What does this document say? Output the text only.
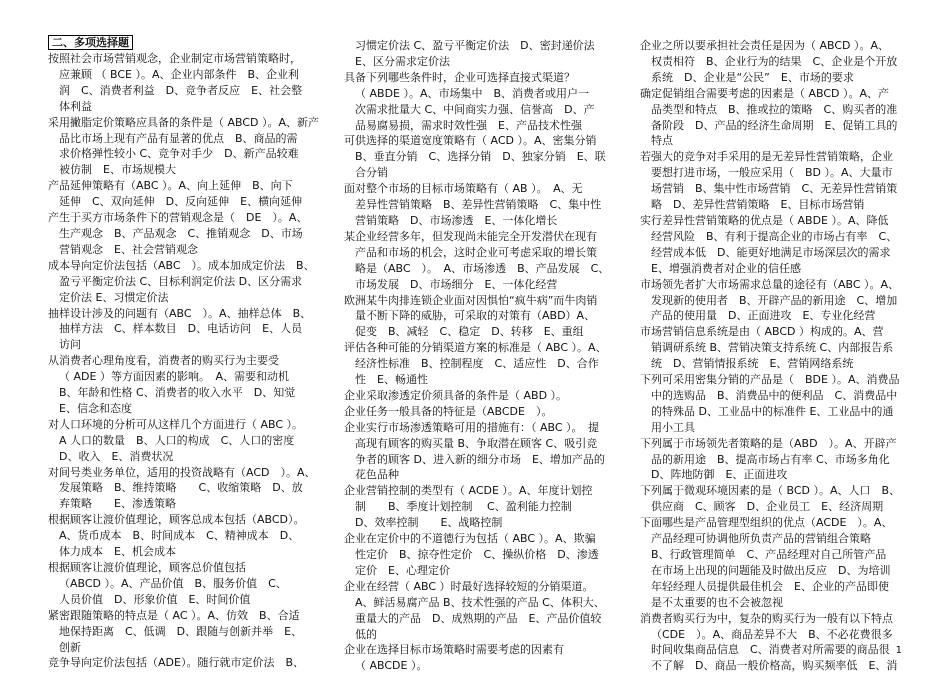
二、多项选择题
按照社会市场营销观念，企业制定市场营销策略时，
应兼顾 （ BCE ）。A、企业内部条件　B、企业利
润　C、消费者利益　D、竞争者反应　E、社会整
体利益
采用撇脂定价策略应具备的条件是（ ABCD ）。A、新产
品比市场上现有产品有显著的优点　B、商品的需
求价格弹性较小 C、竞争对手少　D、新产品较难
被仿制　E、市场规模大
产品延伸策略有（ABC ）。A、向上延伸　B、向下
延伸　C、双向延伸　D、反向延伸　E、横向延伸
产生于买方市场条件下的营销观念是（　DE　）。A、
生产观念　B、产品观念　C、推销观念　D、市场
营销观念　E、社会营销观念
成本导向定价法包括（ABC　）。成本加成定价法　B、
盈亏平衡定价法 C、目标利润定价法 D、区分需求
定价法 E、习惯定价法
抽样设计涉及的问题有（ABC　）。A、抽样总体　B、
抽样方法　C、样本数目　D、电话访问　E、人员
访问
从消费者心理角度看，消费者的购买行为主要受
（ ADE ）等方面因素的影响。　A、需要和动机
B、年龄和性格 C、消费者的收入水平　D、知觉
E、信念和态度
对人口环境的分析可从这样几个方面进行（ ABC ）。
A 人口的数量　B、人口的构成　C、人口的密度
D、收入　E、消费状况
对间号类业务单位，适用的投资战略有（ACD　）。A、
发展策略　B、维持策略　　C、收缩策略　D、放
弃策略　　E、渗透策略
根据顾客让渡价值理论，顾客总成本包括（ABCD）。
A、货币成本　B、时间成本　C、精神成本　D、
体力成本　E、机会成本
根据顾客让渡价值理论，顾客总价值包括
（ABCD ）。A、产品价值　B、服务价值　C、
人员价值　D、形象价值　E、时间价值
紧密跟随策略的特点是（ AC ）。A、仿效　B、合适
地保持距离　C、低调　D、跟随与创新并举　E、
创新
竞争导向定价法包括（ADE）。随行就市定价法　B、
习惯定价法 C、盈亏平衡定价法　D、密封递价法
E、区分需求定价法
具备下列哪些条件时，企业可选择直接式渠道？
（ ABDE ）。A、市场集中　B、消费者或用户一
次需求批量大 C、中间商实力强、信誉高　D、产
品易腐易损，需求时效性强　E、产品技术性强
可供选择的渠道宽度策略有（ ACD ）。A、密集分销
B、垂直分销　C、选择分销　D、独家分销　E、联
合分销
面对整个市场的目标市场策略有（ AB ）。　A、无
差异性营销策略　B、差异性营销策略　C、集中性
营销策略　D、市场渗透　E、一体化增长
某企业经营多年，但发现尚未能完全开发潜伏在现有
产品和市场的机会，这时企业可考虑采取的增长策
略是（ABC　）。　A、市场渗透　B、产品发展　C、
市场发展　D、市场细分　E、一体化经营
欧洲某牛肉排连锁企业面对因惧怕“疯牛病”而牛肉销
量不断下降的威胁，可采取的对策有（ABD）A、
促变　B、减轻　C、稳定　D、转移　E、重组
评估各种可能的分销渠道方案的标准是（ ABC ）。A、
经济性标准　B、控制程度　C、适应性　D、合作
性　E、畅通性
企业采取渗透定价须具备的条件是（ ABD ）。
企业任务一般具备的特征是（ABCDE　）。
企业实行市场渗透策略可用的措施有：（ ABC ）。　提
高现有顾客的购买量 B、争取潜在顾客 C、吸引竞
争者的顾客 D、进入新的细分市场　E、增加产品的
花色品种
企业营销控制的类型有（ ACDE ）。A、年度计划控
制　　B、季度计划控制　 C、盈利能力控制
D、效率控制　　E、战略控制
企业在定价中的不道德行为包括（ ABC ）。A、欺骗
性定价　B、掠夺性定价　C、操纵价格　D、渗透
定价　E、心理定价
企业在经营（ ABC ）时最好选择较短的分销渠道。
A、鲜活易腐产品 B、技术性强的产品 C、体积大、
重量大的产品　D、成熟期的产品　E、产品价值较
低的
企业在选择目标市场策略时需要考虑的因素有
（ ABCDE ）。
企业之所以要承担社会责任是因为（ ABCD ）。A、
权责相符　B、企业行为的结果　C、企业是个开放
系统　D、企业是“公民”　E、市场的要求
确定促销组合需要考虑的因素是（ ABCD ）。A、产
品类型和特点　B、推或拉的策略　C、购买者的准
备阶段　D、产品的经济生命周期　E、促销工具的
特点
若强大的竞争对手采用的是无差异性营销策略，企业
要想打进市场，一般应采用（　BD ）。A、大量市
场营销　B、集中性市场营销　C、无差异性营销策
略　D、差异性营销策略　E、目标市场营销
实行差异性营销策略的优点是（ ABDE ）。A、降低
经营风险　B、有利于提高企业的市场占有率　C、
经营成本低　D、能更好地满足市场深层次的需求
E、增强消费者对企业的信任感
市场领先者扩大市场需求总量的途径有（ABC ）。A、
发现新的使用者　B、开辟产品的新用途　C、增加
产品的使用量　D、正面进攻　E、专业化经营
市场营销信息系统是由（ ABCD ）构成的。A、营
销调研系统 B、营销决策支持系统 C、内部报告系
统　D、营销情报系统　E、营销网络系统
下列可采用密集分销的产品是（　BDE ）。A、消费品
中的选购品　B、消费品中的便利品　C、消费品中
的特殊品 D、工业品中的标准件 E、工业品中的通
用小工具
下列属于市场领先者策略的是（ABD　）。A、开辟产
品的新用途　B、提高市场占有率 C、市场多角化
D、阵地防御　E、正面进攻
下列属于微观环境因素的是（ BCD ）。A、人口　B、
供应商　C、顾客　D、企业员工　E、经济周期
下面哪些是产品管理型组织的优点（ACDE　）。A、
产品经理可协调他所负责产品的营销组合策略
B、行政管理简单　C、产品经理对自己所管产品
在市场上出现的问题能及时做出反应　D、为培训
年轻经理人员提供最佳机会　E、企业的产品即使
是不太重要的也不会被忽视
消费者购买行为中，复杂的购买行为一般有以下特点
（CDE　）。A、商品差异不大　B、不必花费很多
时间收集商品信息　C、消费者对所需要的商品很
不了解　D、商品一般价格高，购买频率低　E、消
1
